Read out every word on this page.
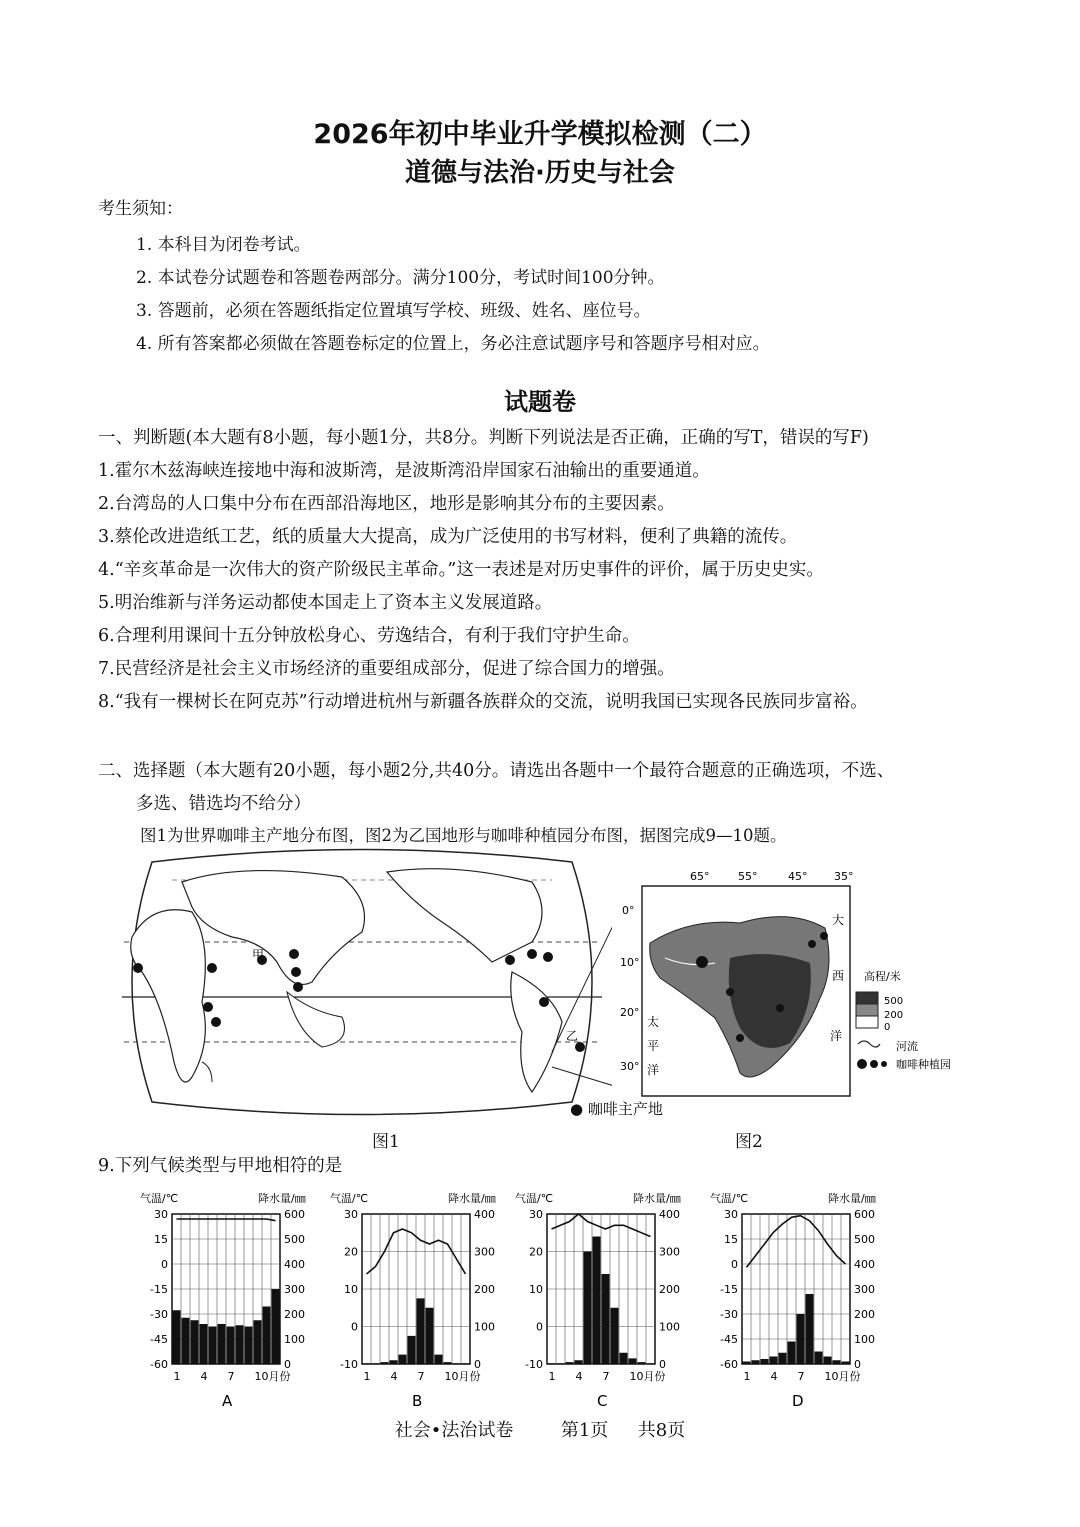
2026年初中毕业升学模拟检测（二）
道德与法治·历史与社会
考生须知：
1. 本科目为闭卷考试。
2. 本试卷分试题卷和答题卷两部分。满分100分，考试时间100分钟。
3. 答题前，必须在答题纸指定位置填写学校、班级、姓名、座位号。
4. 所有答案都必须做在答题卷标定的位置上，务必注意试题序号和答题序号相对应。
试题卷
一、判断题(本大题有8小题，每小题1分，共8分。判断下列说法是否正确，正确的写T，错误的写F)
1.霍尔木兹海峡连接地中海和波斯湾，是波斯湾沿岸国家石油输出的重要通道。
2.台湾岛的人口集中分布在西部沿海地区，地形是影响其分布的主要因素。
3.蔡伦改进造纸工艺，纸的质量大大提高，成为广泛使用的书写材料，便利了典籍的流传。
4.“辛亥革命是一次伟大的资产阶级民主革命。”这一表述是对历史事件的评价，属于历史史实。
5.明治维新与洋务运动都使本国走上了资本主义发展道路。
6.合理利用课间十五分钟放松身心、劳逸结合，有利于我们守护生命。
7.民营经济是社会主义市场经济的重要组成部分，促进了综合国力的增强。
8.“我有一棵树长在阿克苏”行动增进杭州与新疆各族群众的交流，说明我国已实现各民族同步富裕。
二、选择题（本大题有20小题，每小题2分,共40分。请选出各题中一个最符合题意的正确选项，不选、
多选、错选均不给分）
图1为世界咖啡主产地分布图，图2为乙国地形与咖啡种植园分布图，据图完成9—10题。
甲
乙
● 咖啡主产地
图1
65°	55°	45° 35°
0°
10°
20°
30°
大
西
洋
太
平
洋
高程/米
500
200
0
河流
咖啡种植园
图2
9.下列气候类型与甲地相符的是
气温/℃	降水量/㎜
30
15
0
-15
-30
-45
-60
600
500
400
300
200
100
0
1 4 7 10月份
A
气温/℃	降水量/㎜
30
20
10
0
-10
400
300
200
100
0
1 4 7 10月份
B
气温/℃	降水量/㎜
30
20
10
0
-10
400
300
200
100
0
1 4 7 10月份
C
气温/℃	降水量/㎜
30
15
0
-15
-30
-45
-60
600
500
400
300
200
100
0
1 4 7 10月份
D
社会•法治试卷	第1页 共8页
